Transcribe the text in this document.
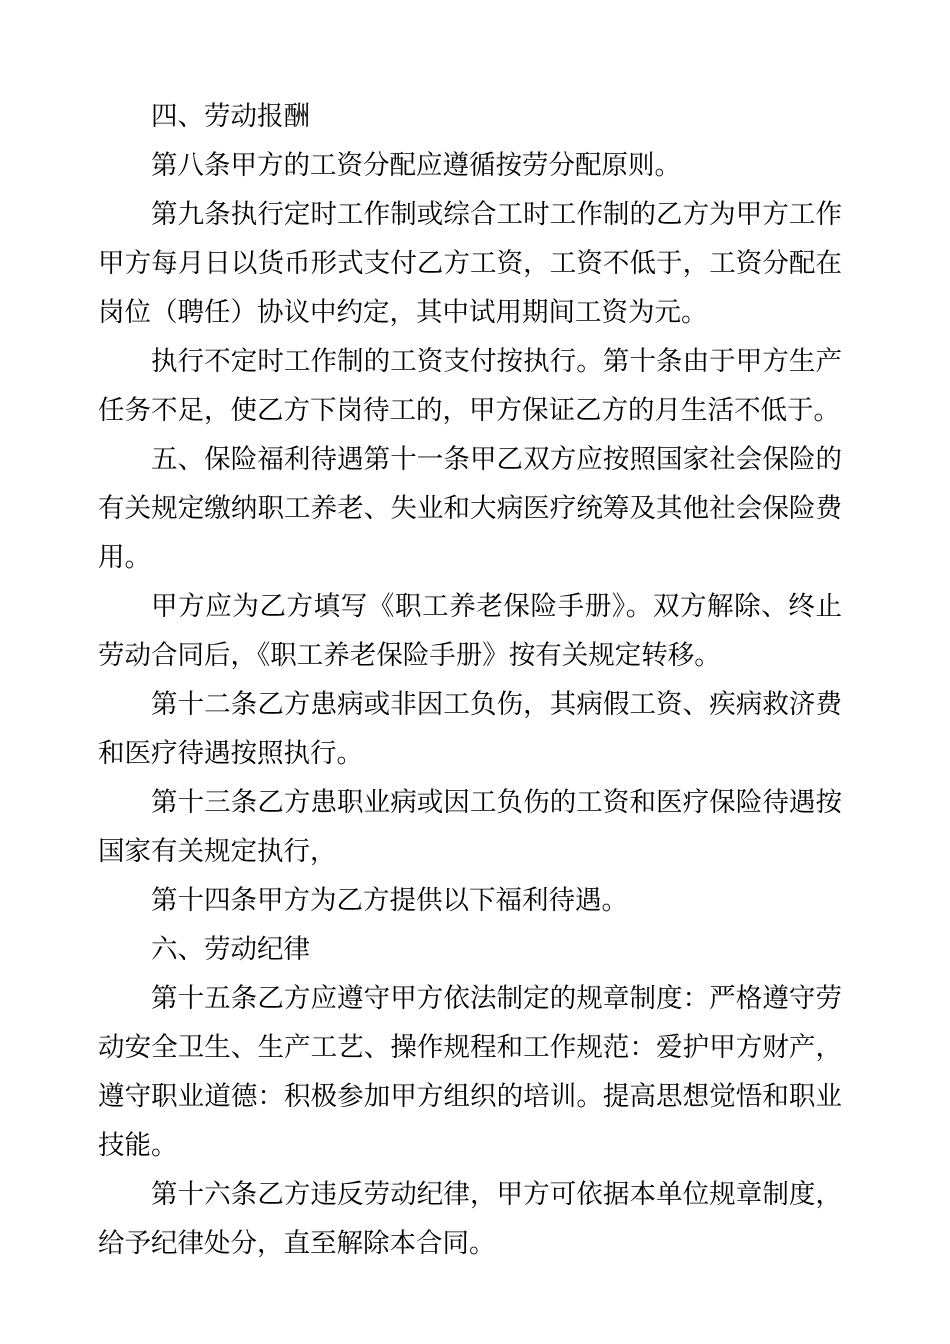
四、劳动报酬

第八条甲方的工资分配应遵循按劳分配原则。

第九条执行定时工作制或综合工时工作制的乙方为甲方工作甲方每月日以货币形式支付乙方工资，工资不低于，工资分配在岗位（聘任）协议中约定，其中试用期间工资为元。

执行不定时工作制的工资支付按执行。第十条由于甲方生产任务不足，使乙方下岗待工的，甲方保证乙方的月生活不低于。

五、保险福利待遇第十一条甲乙双方应按照国家社会保险的有关规定缴纳职工养老、失业和大病医疗统筹及其他社会保险费用。

甲方应为乙方填写《职工养老保险手册》。双方解除、终止劳动合同后，《职工养老保险手册》按有关规定转移。

第十二条乙方患病或非因工负伤，其病假工资、疾病救济费和医疗待遇按照执行。

第十三条乙方患职业病或因工负伤的工资和医疗保险待遇按国家有关规定执行，

第十四条甲方为乙方提供以下福利待遇。

六、劳动纪律

第十五条乙方应遵守甲方依法制定的规章制度：严格遵守劳动安全卫生、生产工艺、操作规程和工作规范：爱护甲方财产，遵守职业道德：积极参加甲方组织的培训。提高思想觉悟和职业技能。

第十六条乙方违反劳动纪律，甲方可依据本单位规章制度，给予纪律处分，直至解除本合同。
